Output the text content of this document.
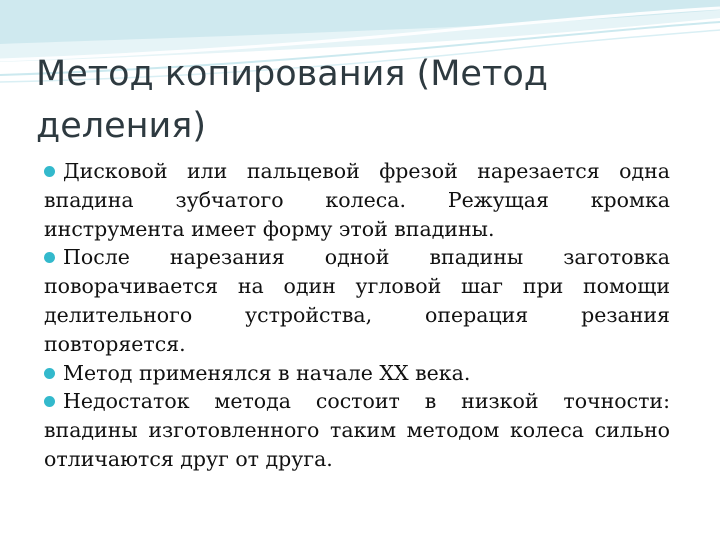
Метод копирования (Метод деления)

Дисковой или пальцевой фрезой нарезается одна впадина зубчатого колеса. Режущая кромка инструмента имеет форму этой впадины.

После нарезания одной впадины заготовка поворачивается на один угловой шаг при помощи делительного устройства, операция резания повторяется.

Метод применялся в начале XX века.

Недостаток метода состоит в низкой точности: впадины изготовленного таким методом колеса сильно отличаются друг от друга.
